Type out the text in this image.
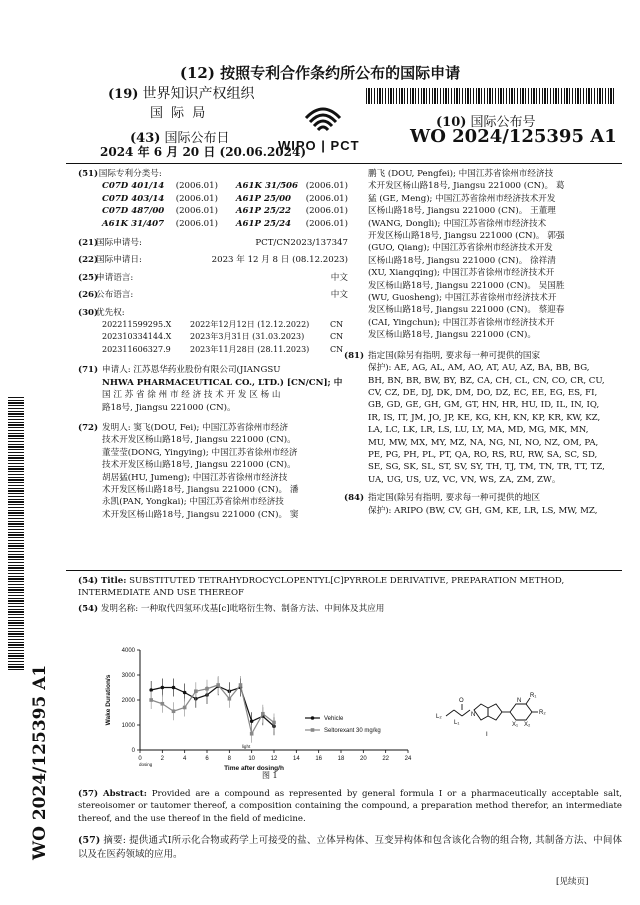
(12) 按照专利合作条约所公布的国际申请
(19) 世界知识产权组织
国 际 局
(43) 国际公布日
2024 年 6 月 20 日 (20.06.2024)
WIPO | PCT
(10) 国际公布号
WO 2024/125395 A1
WO 2024/125395 A1
(51) 国际专利分类号:
C07D 401/14	(2006.01)	A61K 31/506 (2006.01)
C07D 403/14	(2006.01)	A61P 25/00	(2006.01)
C07D 487/00	(2006.01)	A61P 25/22	(2006.01)
A61K 31/407	(2006.01)	A61P 25/24	(2006.01)
(21)国际申请号:	PCT/CN2023/137347
(22)国际申请日:	2023 年 12 月 8 日 (08.12.2023)
(25)申请语言:	中文
(26)公布语言:	中文
(30)优先权:
202211599295.X	2022年12月12日 (12.12.2022)	CN
202310334144.X	2023年3月31日 (31.03.2023)	CN
202311606327.9	2023年11月28日 (28.11.2023)	CN
(71) 申请人: 江苏恩华药业股份有限公司(JIANGSU
NHWA PHARMACEUTICAL CO., LTD.) [CN/CN]; 中
国 江 苏 省 徐 州 市 经 济 技 术 开 发 区 杨 山
路18号, Jiangsu 221000 (CN)。
(72) 发明人: 窦飞(DOU, Fei); 中国江苏省徐州市经济
技术开发区杨山路18号, Jiangsu 221000 (CN)。
董莹莹(DONG, Yingying); 中国江苏省徐州市经济
技术开发区杨山路18号, Jiangsu 221000 (CN)。
胡居猛(HU, Jumeng); 中国江苏省徐州市经济技
术开发区杨山路18号, Jiangsu 221000 (CN)。 潘
永凯(PAN, Yongkai); 中国江苏省徐州市经济技
术开发区杨山路18号, Jiangsu 221000 (CN)。 窦
鹏飞 (DOU, Pengfei); 中国江苏省徐州市经济技
术开发区杨山路18号, Jiangsu 221000 (CN)。 葛
猛 (GE, Meng); 中国江苏省徐州市经济技术开发
区杨山路18号, Jiangsu 221000 (CN)。 王董理
(WANG, Dongli); 中国江苏省徐州市经济技术
开发区杨山路18号, Jiangsu 221000 (CN)。 郭强
(GUO, Qiang); 中国江苏省徐州市经济技术开发
区杨山路18号, Jiangsu 221000 (CN)。 徐祥清
(XU, Xiangqing); 中国江苏省徐州市经济技术开
发区杨山路18号, Jiangsu 221000 (CN)。 吴国胜
(WU, Guosheng); 中国江苏省徐州市经济技术开
发区杨山路18号, Jiangsu 221000 (CN)。 蔡迎春
(CAI, Yingchun); 中国江苏省徐州市经济技术开
发区杨山路18号, Jiangsu 221000 (CN)。
(81) 指定国(除另有指明, 要求每一种可提供的国家
保护): AE, AG, AL, AM, AO, AT, AU, AZ, BA, BB, BG,
BH, BN, BR, BW, BY, BZ, CA, CH, CL, CN, CO, CR, CU,
CV, CZ, DE, DJ, DK, DM, DO, DZ, EC, EE, EG, ES, FI,
GB, GD, GE, GH, GM, GT, HN, HR, HU, ID, IL, IN, IQ,
IR, IS, IT, JM, JO, JP, KE, KG, KH, KN, KP, KR, KW, KZ,
LA, LC, LK, LR, LS, LU, LY, MA, MD, MG, MK, MN,
MU, MW, MX, MY, MZ, NA, NG, NI, NO, NZ, OM, PA,
PE, PG, PH, PL, PT, QA, RO, RS, RU, RW, SA, SC, SD,
SE, SG, SK, SL, ST, SV, SY, TH, TJ, TM, TN, TR, TT, TZ,
UA, UG, US, UZ, VC, VN, WS, ZA, ZM, ZW。
(84) 指定国(除另有指明, 要求每一种可提供的地区
保护): ARIPO (BW, CV, GH, GM, KE, LR, LS, MW, MZ,
(54) Title: SUBSTITUTED TETRAHYDROCYCLOPENTYL[C]PYRROLE DERIVATIVE, PREPARATION METHOD, INTERMEDIATE AND USE THEREOF
(54) 发明名称: 一种取代四氢环戊基[c]吡咯衍生物、制备方法、中间体及其应用
0	2	4	6	8	10	12	14	16	18	20	22	24
0
1000
2000
3000
4000
Time after dosing/h
Wake Duration/s
dosing
light
Vehicle
Seltorexant 30 mg/kg
L₂
O
L₁
N
N
R₁
R₂
X₁ X₂
I
图 1
(57) Abstract: Provided are a compound as represented by general formula I or a pharmaceutically acceptable salt, stereoisomer or tautomer thereof, a composition containing the compound, a preparation method therefor, an intermediate thereof, and the use thereof in the field of medicine.
(57) 摘要: 提供通式I所示化合物或药学上可接受的盐、立体异构体、互变异构体和包含该化合物的组合物, 其制备方法、中间体以及在医药领域的应用。
[见续页]
